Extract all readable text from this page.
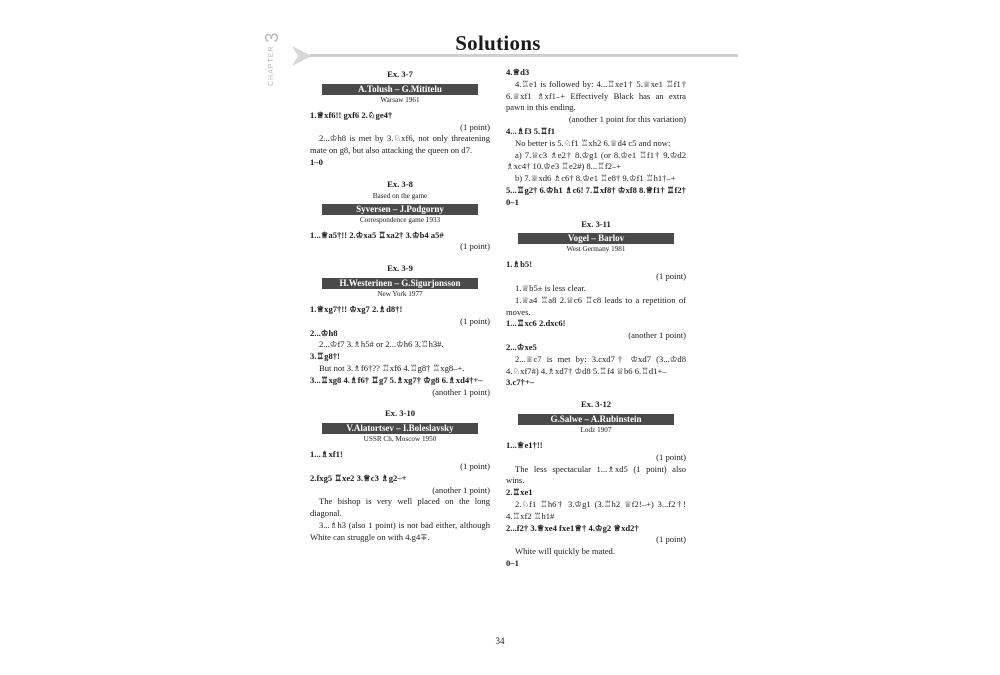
CHAPTER 3	Solutions
Ex. 3-7
A.Tolush – G.Mititelu
Warsaw 1961
1.♕xf6!! gxf6 2.♘ge4†
(1 point)
2...♔h8 is met by 3.♘xf6, not only threatening mate on g8, but also attacking the queen on d7.
1–0
Ex. 3-8
Based on the game
Syversen – J.Podgorny
Correspondence game 1933
1...♕a5†!! 2.♔xa5 ♖xa2† 3.♔b4 a5#
(1 point)
Ex. 3-9
H.Westerinen – G.Sigurjonsson
New York 1977
1.♕xg7†!! ♔xg7 2.♗d8†!
(1 point)
2...♔h8
2...♔f7 3.♗h5# or 2...♔h6 3.♖h3#.
3.♖g8†!
But not 3.♗f6†?? ♖xf6 4.♖g8† ♖xg8–+.
3...♖xg8 4.♗f6† ♖g7 5.♗xg7† ♔g8 6.♗xd4†+–
(another 1 point)
Ex. 3-10
V.Alatortsev – I.Boleslavsky
USSR Ch, Moscow 1950
1...♗xf1!
(1 point)
2.fxg5 ♖xe2 3.♕c3 ♗g2–+
(another 1 point)
The bishop is very well placed on the long diagonal.
3...♗h3 (also 1 point) is not bad either, although White can struggle on with 4.g4∓.
4.♕d3
4.♖e1 is followed by: 4...♖xe1† 5.♕xe1 ♖f1† 6.♕xf1 ♗xf1–+ Effectively Black has an extra pawn in this ending.
(another 1 point for this variation)
4...♗f3 5.♖f1
No better is 5.♘f1 ♖xh2 6.♕d4 c5 and now:
a) 7.♕c3 ♗e2† 8.♔g1 (or 8.♔e1 ♖f1† 9.♔d2 ♗xc4† 10.♔e3 ♖e2#) 8...♖f2–+
b) 7.♕xd6 ♗c6† 8.♔e1 ♖e8† 9.♔f1 ♖h1†–+
5...♖g2† 6.♔h1 ♗c6! 7.♖xf8† ♔xf8 8.♕f1† ♖f2†
0–1
Ex. 3-11
Vogel – Barlov
West Germany 1981
1.♗b5!
(1 point)
1.♕b5± is less clear.
1.♕a4 ♖a8 2.♕c6 ♖c8 leads to a repetition of moves.
1...♖xc6 2.dxc6!
(another 1 point)
2...♔xe5
2...♕c7 is met by: 3.cxd7† ♔xd7 (3...♔d8 4.♘xf7#) 4.♗xd7† ♔d8 5.♖f4 ♕b6 6.♖d1+–
3.c7†+–
Ex. 3-12
G.Salwe – A.Rubinstein
Lodz 1907
1...♕e1†!!
(1 point)
The less spectacular 1...♗xd5 (1 point) also wins.
2.♖xe1
2.♘f1 ♖h6† 3.♔g1 (3.♖h2 ♕f2!–+) 3...f2†! 4.♖xf2 ♖h1#
2...f2† 3.♕xe4 fxe1♕† 4.♔g2 ♕xd2†
(1 point)
White will quickly be mated.
0–1
34
